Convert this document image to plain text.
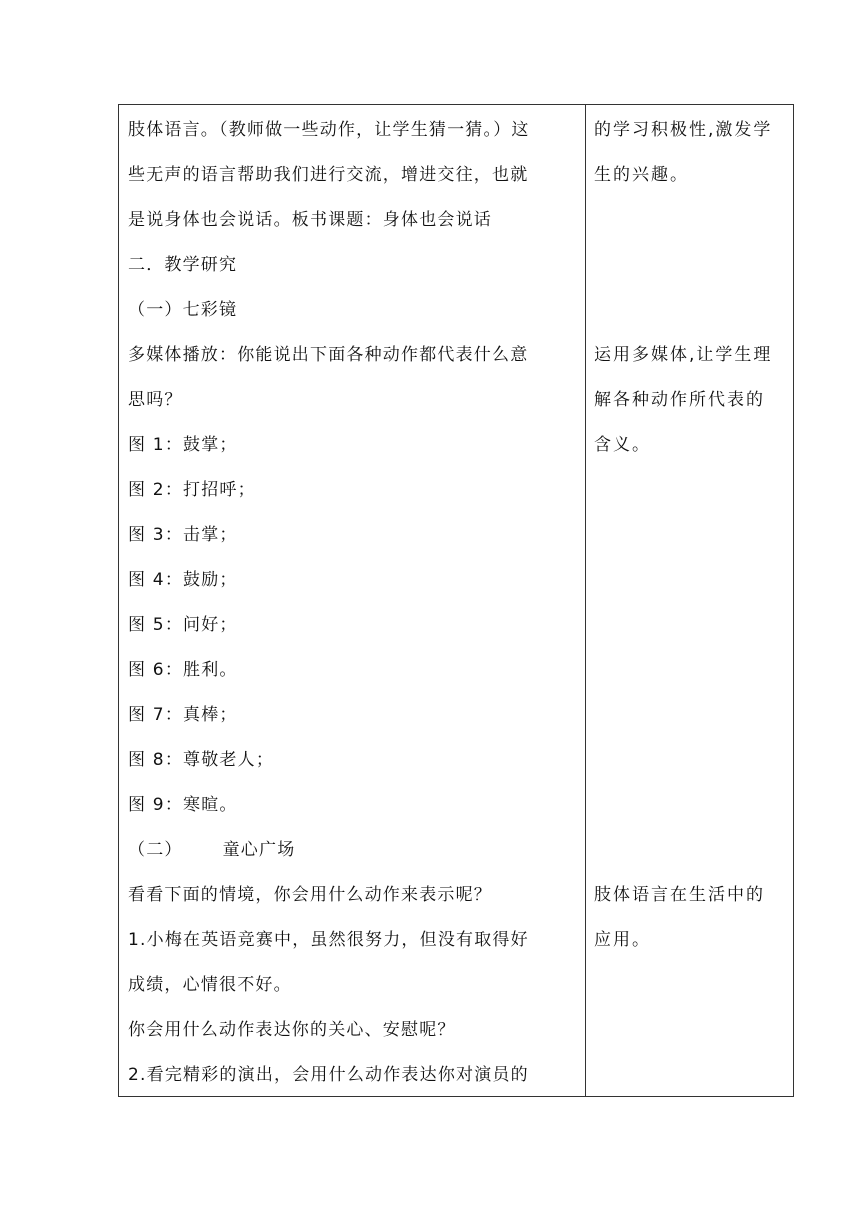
肢体语言。（教师做一些动作，让学生猜一猜。）这
些无声的语言帮助我们进行交流，增进交往，也就
是说身体也会说话。板书课题：身体也会说话
二．教学研究
（一）七彩镜
多媒体播放：你能说出下面各种动作都代表什么意
思吗？
图 1：鼓掌；
图 2：打招呼；
图 3：击掌；
图 4：鼓励；
图 5：问好；
图 6：胜利。
图 7：真棒；
图 8：尊敬老人；
图 9：寒暄。
（二） 童心广场
看看下面的情境，你会用什么动作来表示呢？
1.小梅在英语竞赛中，虽然很努力，但没有取得好
成绩，心情很不好。
你会用什么动作表达你的关心、安慰呢？
2.看完精彩的演出，会用什么动作表达你对演员的
的学习积极性,激发学
生的兴趣。
运用多媒体,让学生理
解各种动作所代表的
含义。
肢体语言在生活中的
应用。
